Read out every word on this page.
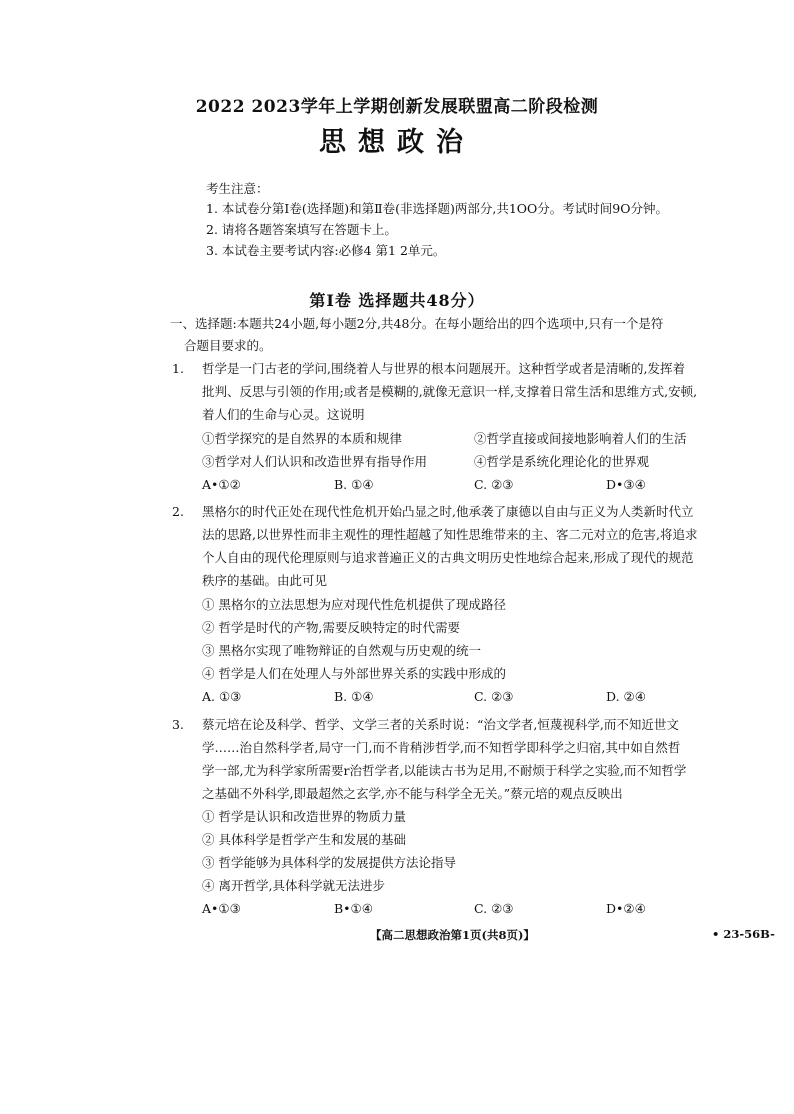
2022 2023学年上学期创新发展联盟高二阶段检测
思想政治
考生注意：
1. 本试卷分第Ⅰ卷(选择题)和第Ⅱ卷(非选择题)两部分,共1OO分。考试时间9O分钟。
2. 请将各题答案填写在答题卡上。
3. 本试卷主要考试内容:必修4 第1 2单元。
第Ⅰ卷 选择题共48分）
一、选择题:本题共24小题,每小题2分,共48分。在每小题给出的四个选项中,只有一个是符
合题目要求的。
1. 哲学是一门古老的学问,围绕着人与世界的根本问题展开。这种哲学或者是清晰的,发挥着
批判、反思与引领的作用;或者是模糊的,就像无意识一样,支撑着日常生活和思维方式,安顿,
着人们的生命与心灵。这说明
①哲学探究的是自然界的本质和规律	②哲学直接或间接地影响着人们的生活
③哲学对人们认识和改造世界有指导作用	④哲学是系统化理论化的世界观
A•①②	B. ①④	C. ②③	D•③④
2. 黑格尔的时代正处在现代性危机开始凸显之时,他承袭了康德以自由与正义为人类新时代立
法的思路,以世界性而非主观性的理性超越了知性思维带来的主、客二元对立的危害,将追求
个人自由的现代伦理原则与追求普遍正义的古典文明历史性地综合起来,形成了现代的规范
秩序的基础。由此可见
① 黑格尔的立法思想为应对现代性危机提供了现成路径
② 哲学是时代的产物,需要反映特定的时代需要
③ 黑格尔实现了唯物辩证的自然观与历史观的统一
④ 哲学是人们在处理人与外部世界关系的实践中形成的
A. ①③	B. ①④	C. ②③	D. ②④
3. 蔡元培在论及科学、哲学、文学三者的关系时说：“治文学者,恒蔑视科学,而不知近世文
学……治自然科学者,局守一门,而不肯稍涉哲学,而不知哲学即科学之归宿,其中如自然哲
学一部,尤为科学家所需要r治哲学者,以能读古书为足用,不耐烦于科学之实验,而不知哲学
之基础不外科学,即最超然之玄学,亦不能与科学全无关。”蔡元培的观点反映出
① 哲学是认识和改造世界的物质力量
② 具体科学是哲学产生和发展的基础
③ 哲学能够为具体科学的发展提供方法论指导
④ 离开哲学,具体科学就无法进步
A•①③	B•①④	C. ②③	D•②④
【高二思想政治第1页(共8页)】	• 23-56B-
